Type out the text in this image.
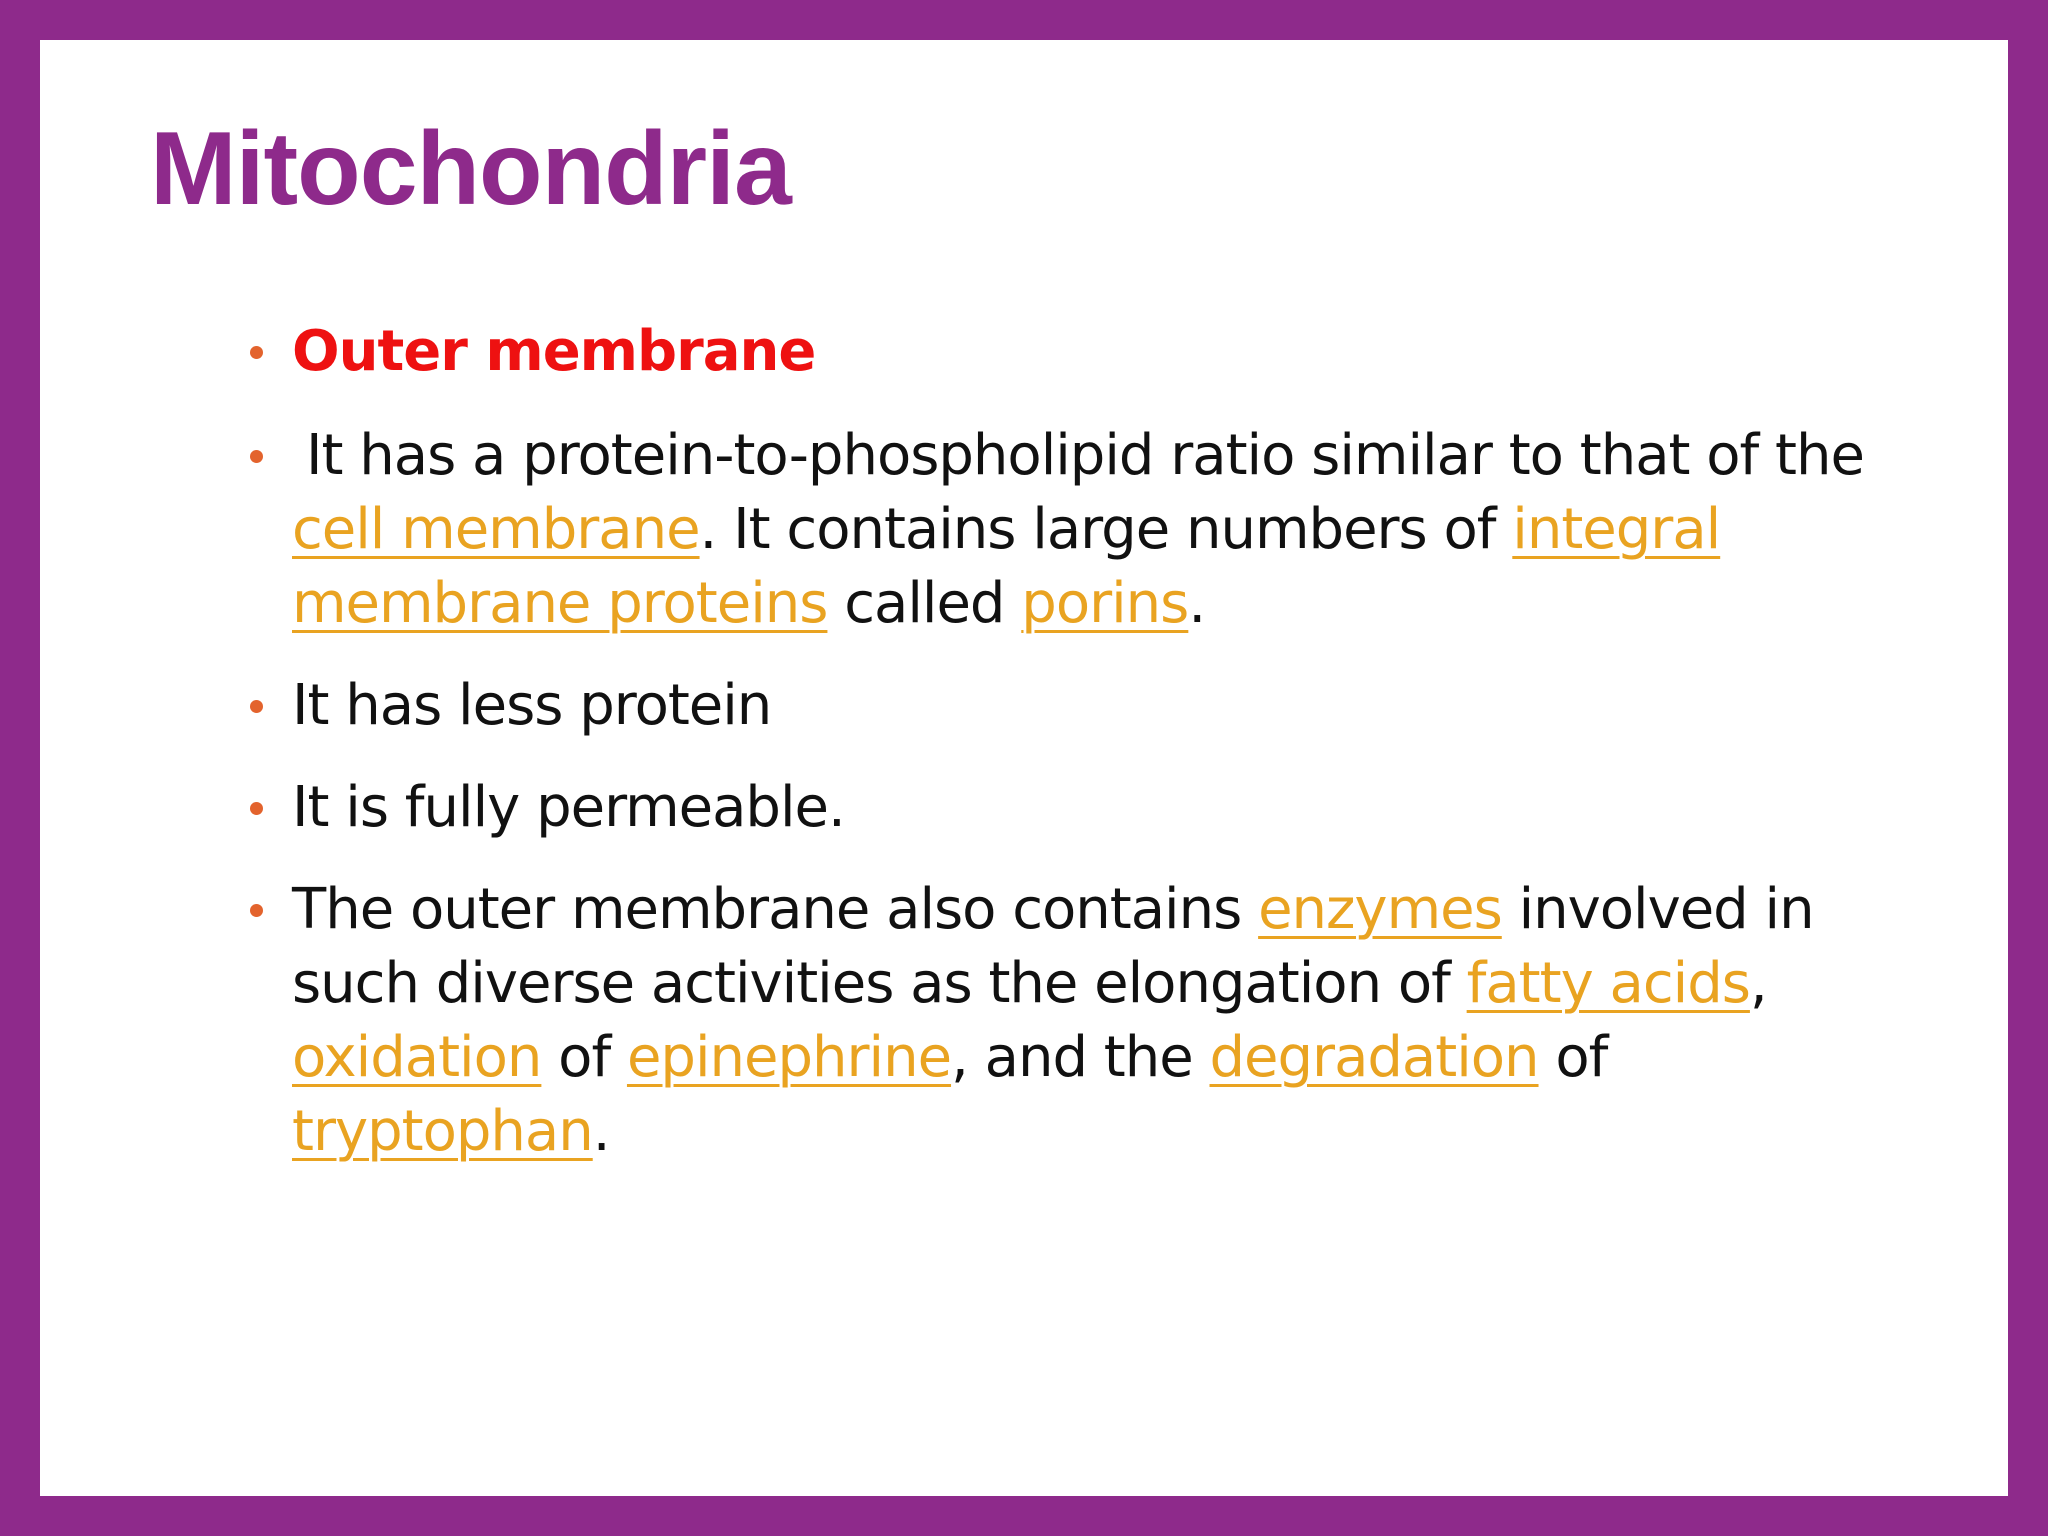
Mitochondria
Outer membrane
It has a protein-to-phospholipid ratio similar to that of the cell membrane. It contains large numbers of integral membrane proteins called porins.
It has less protein
It is fully permeable.
The outer membrane also contains enzymes involved in such diverse activities as the elongation of fatty acids, oxidation of epinephrine, and the degradation of tryptophan.
